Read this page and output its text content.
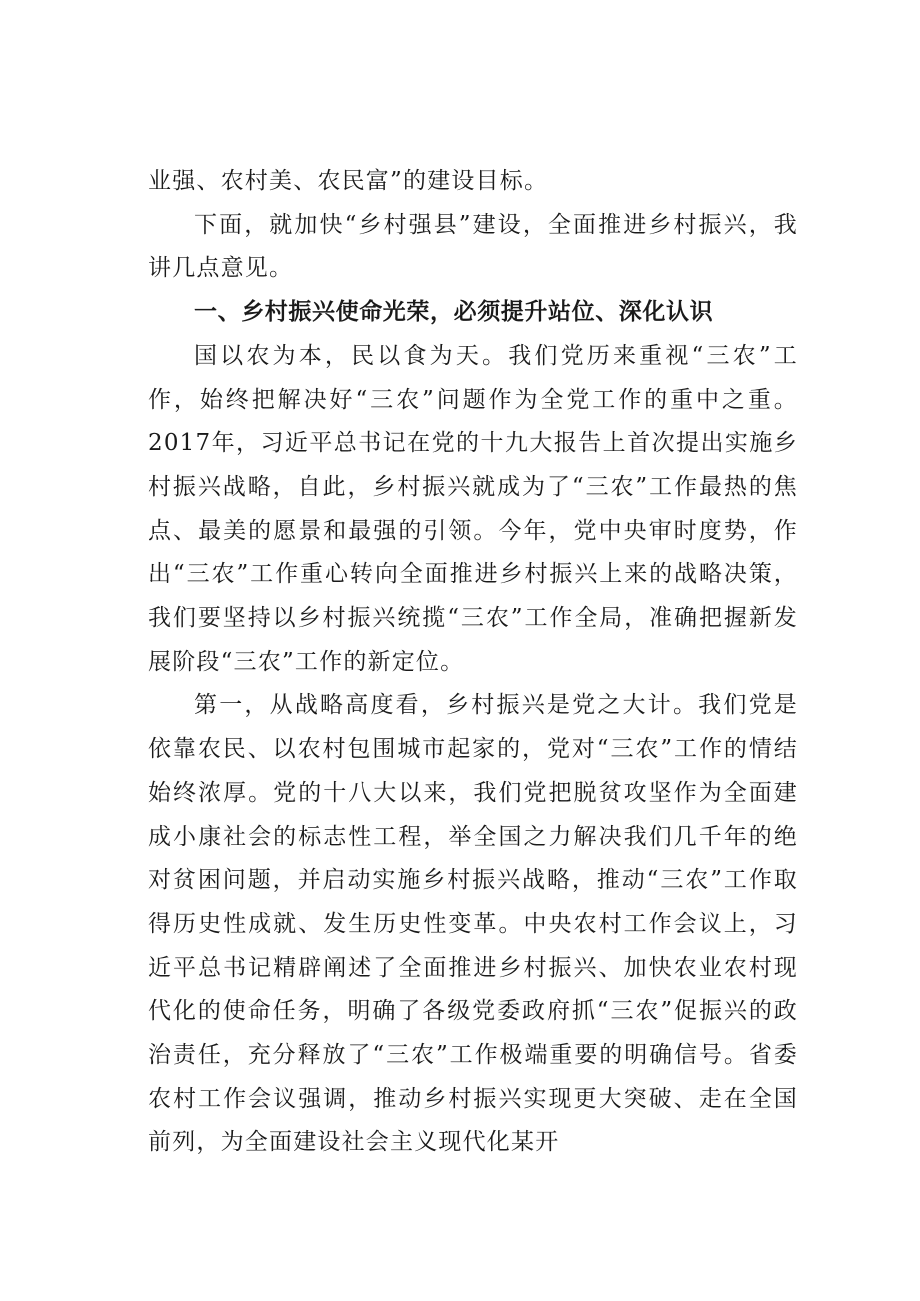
业强、农村美、农民富”的建设目标。

下面，就加快“乡村强县”建设，全面推进乡村振兴，我讲几点意见。

一、乡村振兴使命光荣，必须提升站位、深化认识

国以农为本，民以食为天。我们党历来重视“三农”工作，始终把解决好“三农”问题作为全党工作的重中之重。2017年，习近平总书记在党的十九大报告上首次提出实施乡村振兴战略，自此，乡村振兴就成为了“三农”工作最热的焦点、最美的愿景和最强的引领。今年，党中央审时度势，作出“三农”工作重心转向全面推进乡村振兴上来的战略决策，我们要坚持以乡村振兴统揽“三农”工作全局，准确把握新发展阶段“三农”工作的新定位。

第一，从战略高度看，乡村振兴是党之大计。我们党是依靠农民、以农村包围城市起家的，党对“三农”工作的情结始终浓厚。党的十八大以来，我们党把脱贫攻坚作为全面建成小康社会的标志性工程，举全国之力解决我们几千年的绝对贫困问题，并启动实施乡村振兴战略，推动“三农”工作取得历史性成就、发生历史性变革。中央农村工作会议上，习近平总书记精辟阐述了全面推进乡村振兴、加快农业农村现代化的使命任务，明确了各级党委政府抓“三农”促振兴的政治责任，充分释放了“三农”工作极端重要的明确信号。省委农村工作会议强调，推动乡村振兴实现更大突破、走在全国前列，为全面建设社会主义现代化某开
